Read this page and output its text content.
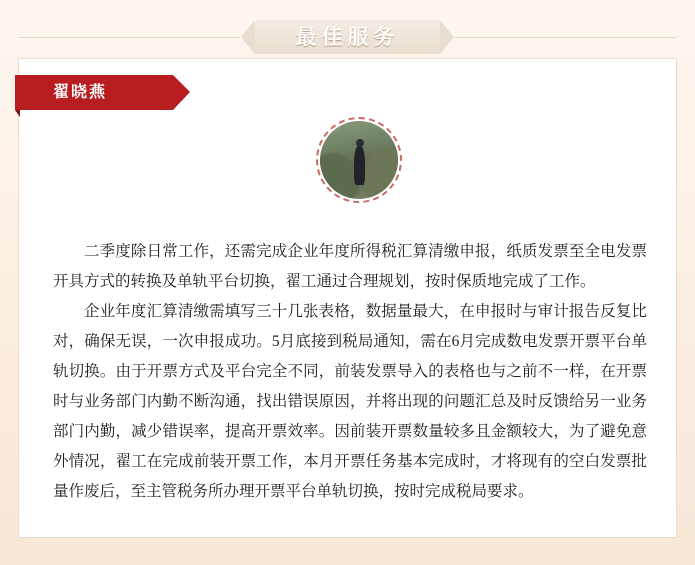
最佳服务
翟晓燕

二季度除日常工作，还需完成企业年度所得税汇算清缴申报，纸质发票至全电发票开具方式的转换及单轨平台切换，翟工通过合理规划，按时保质地完成了工作。

企业年度汇算清缴需填写三十几张表格，数据量最大，在申报时与审计报告反复比对，确保无误，一次申报成功。5月底接到税局通知，需在6月完成数电发票开票平台单轨切换。由于开票方式及平台完全不同，前装发票导入的表格也与之前不一样，在开票时与业务部门内勤不断沟通，找出错误原因，并将出现的问题汇总及时反馈给另一业务部门内勤，减少错误率，提高开票效率。因前装开票数量较多且金额较大，为了避免意外情况，翟工在完成前装开票工作，本月开票任务基本完成时，才将现有的空白发票批量作废后，至主管税务所办理开票平台单轨切换，按时完成税局要求。
